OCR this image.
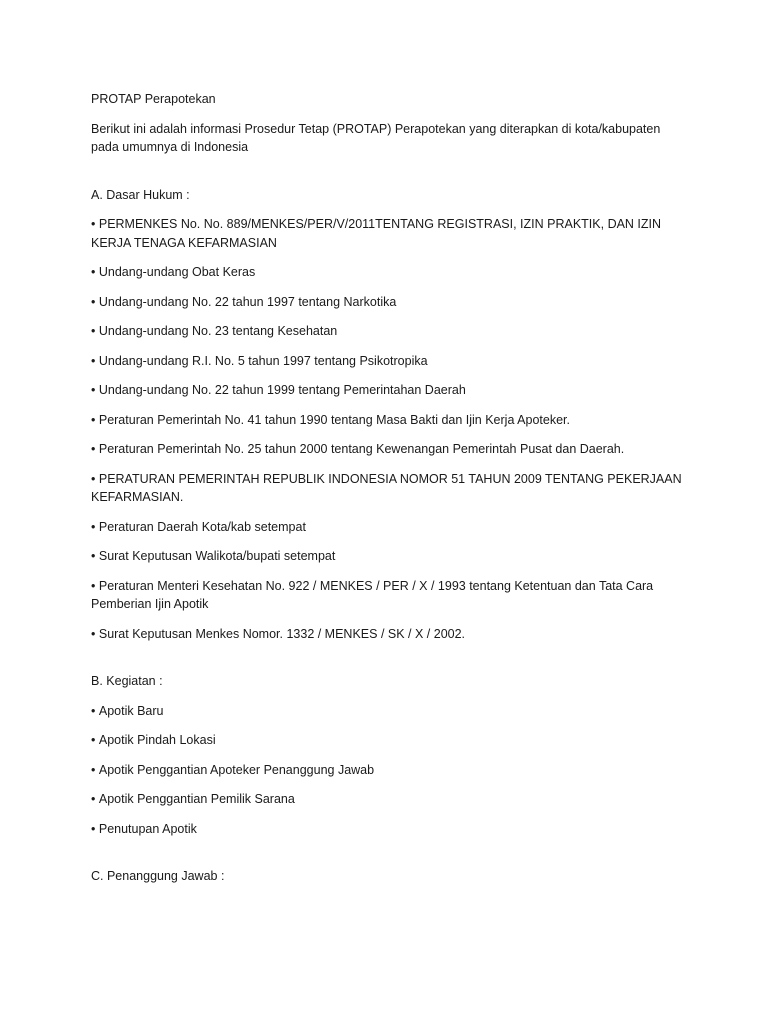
PROTAP Perapotekan

Berikut ini adalah informasi Prosedur Tetap (PROTAP) Perapotekan yang diterapkan di kota/kabupaten pada umumnya di Indonesia

A. Dasar Hukum :

• PERMENKES No. No. 889/MENKES/PER/V/2011TENTANG REGISTRASI, IZIN PRAKTIK, DAN IZIN KERJA TENAGA KEFARMASIAN

• Undang-undang Obat Keras

• Undang-undang No. 22 tahun 1997 tentang Narkotika

• Undang-undang No. 23 tentang Kesehatan

• Undang-undang R.I. No. 5 tahun 1997 tentang Psikotropika

• Undang-undang No. 22 tahun 1999 tentang Pemerintahan Daerah

• Peraturan Pemerintah No. 41 tahun 1990 tentang Masa Bakti dan Ijin Kerja Apoteker.

• Peraturan Pemerintah No. 25 tahun 2000 tentang Kewenangan Pemerintah Pusat dan Daerah.

• PERATURAN PEMERINTAH REPUBLIK INDONESIA NOMOR 51 TAHUN 2009 TENTANG PEKERJAAN KEFARMASIAN.

• Peraturan Daerah Kota/kab setempat

• Surat Keputusan Walikota/bupati setempat

• Peraturan Menteri Kesehatan No. 922 / MENKES / PER / X / 1993 tentang Ketentuan dan Tata Cara Pemberian Ijin Apotik

• Surat Keputusan Menkes Nomor. 1332 / MENKES / SK / X / 2002.

B. Kegiatan :

• Apotik Baru

• Apotik Pindah Lokasi

• Apotik Penggantian Apoteker Penanggung Jawab

• Apotik Penggantian Pemilik Sarana

• Penutupan Apotik

C. Penanggung Jawab :
